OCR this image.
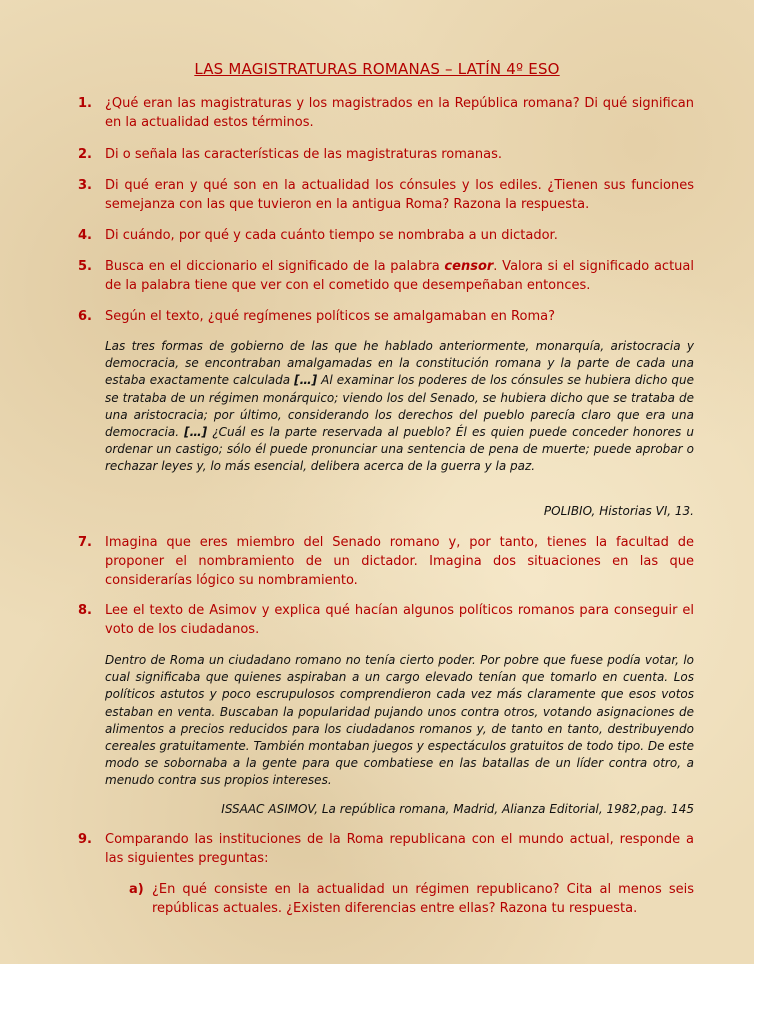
LAS MAGISTRATURAS ROMANAS – LATÍN 4º ESO
1.	¿Qué eran las magistraturas y los magistrados en la República romana? Di qué significan en la actualidad estos términos.
2.	Di o señala las características de las magistraturas romanas.
3.	Di qué eran y qué son en la actualidad los cónsules y los ediles. ¿Tienen sus funciones semejanza con las que tuvieron en la antigua Roma? Razona la respuesta.
4.	Di cuándo, por qué y cada cuánto tiempo se nombraba a un dictador.
5.	Busca en el diccionario el significado de la palabra censor. Valora si el significado actual de la palabra tiene que ver con el cometido que desempeñaban entonces.
6.	Según el texto, ¿qué regímenes políticos se amalgamaban en Roma?
Las tres formas de gobierno de las que he hablado anteriormente, monarquía, aristocracia y democracia, se encontraban amalgamadas en la constitución romana y la parte de cada una estaba exactamente calculada […] Al examinar los poderes de los cónsules se hubiera dicho que se trataba de un régimen monárquico; viendo los del Senado, se hubiera dicho que se trataba de una aristocracia; por último, considerando los derechos del pueblo parecía claro que era una democracia. […] ¿Cuál es la parte reservada al pueblo? Él es quien puede conceder honores u ordenar un castigo; sólo él puede pronunciar una sentencia de pena de muerte; puede aprobar o rechazar leyes y, lo más esencial, delibera acerca de la guerra y la paz.
POLIBIO, Historias VI, 13.
7.	Imagina que eres miembro del Senado romano y, por tanto, tienes la facultad de proponer el nombramiento de un dictador. Imagina dos situaciones en las que considerarías lógico su nombramiento.
8.	Lee el texto de Asimov y explica qué hacían algunos políticos romanos para conseguir el voto de los ciudadanos.
Dentro de Roma un ciudadano romano no tenía cierto poder. Por pobre que fuese podía votar, lo cual significaba que quienes aspiraban a un cargo elevado tenían que tomarlo en cuenta. Los políticos astutos y poco escrupulosos comprendieron cada vez más claramente que esos votos estaban en venta. Buscaban la popularidad pujando unos contra otros, votando asignaciones de alimentos a precios reducidos para los ciudadanos romanos y, de tanto en tanto, destribuyendo cereales gratuitamente. También montaban juegos y espectáculos gratuitos de todo tipo. De este modo se sobornaba a la gente para que combatiese en las batallas de un líder contra otro, a menudo contra sus propios intereses.
ISSAAC ASIMOV, La república romana, Madrid, Alianza Editorial, 1982,pag. 145
9.	Comparando las instituciones de la Roma republicana con el mundo actual, responde a las siguientes preguntas:
a) ¿En qué consiste en la actualidad un régimen republicano? Cita al menos seis repúblicas actuales. ¿Existen diferencias entre ellas? Razona tu respuesta.
